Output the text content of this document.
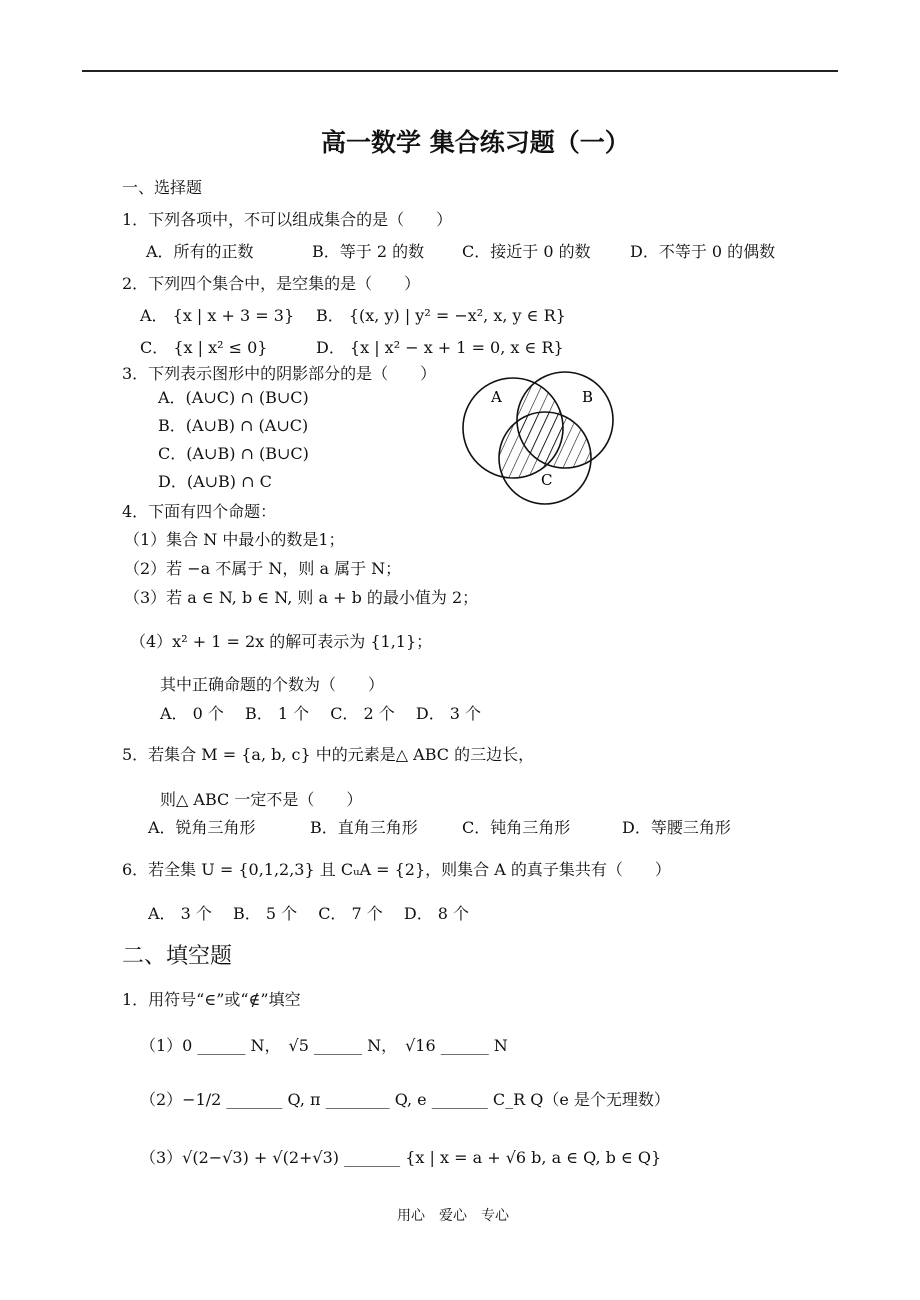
高一数学 集合练习题（一）
一、选择题
1．下列各项中，不可以组成集合的是（　　）
A．所有的正数	B．等于 2 的数 C．接近于 0 的数 D．不等于 0 的偶数
2．下列四个集合中，是空集的是（　　）
A． {x | x + 3 = 3} B． {(x, y) | y² = −x², x, y ∈ R}
C． {x | x² ≤ 0}	D． {x | x² − x + 1 = 0, x ∈ R}
3．下列表示图形中的阴影部分的是（　　）
A．(A∪C) ∩ (B∪C)
B．(A∪B) ∩ (A∪C)
C．(A∪B) ∩ (B∪C)
D．(A∪B) ∩ C
A	B
C
4．下面有四个命题：
（1）集合 N 中最小的数是1；
（2）若 −a 不属于 N，则 a 属于 N；
（3）若 a ∈ N, b ∈ N, 则 a + b 的最小值为 2；
（4）x² + 1 = 2x 的解可表示为 {1,1}；
其中正确命题的个数为（　　）
A． 0 个　 B． 1 个　 C． 2 个　 D． 3 个
5．若集合 M = {a, b, c} 中的元素是△ ABC 的三边长，
则△ ABC 一定不是（　　）
A．锐角三角形	B．直角三角形	C．钝角三角形	D．等腰三角形
6．若全集 U = {0,1,2,3} 且 CᵤA = {2}，则集合 A 的真子集共有（　　）
A． 3 个　 B． 5 个　 C． 7 个　 D． 8 个
二、填空题
1．用符号“∈”或“∉”填空
（1）0 ______ N，　√5 ______ N，　√16 ______ N
（2）−1/2 _______ Q, π ________ Q, e _______ C_R Q（e 是个无理数）
（3）√(2−√3) + √(2+√3) _______ {x | x = a + √6 b, a ∈ Q, b ∈ Q}
用心　爱心　专心
